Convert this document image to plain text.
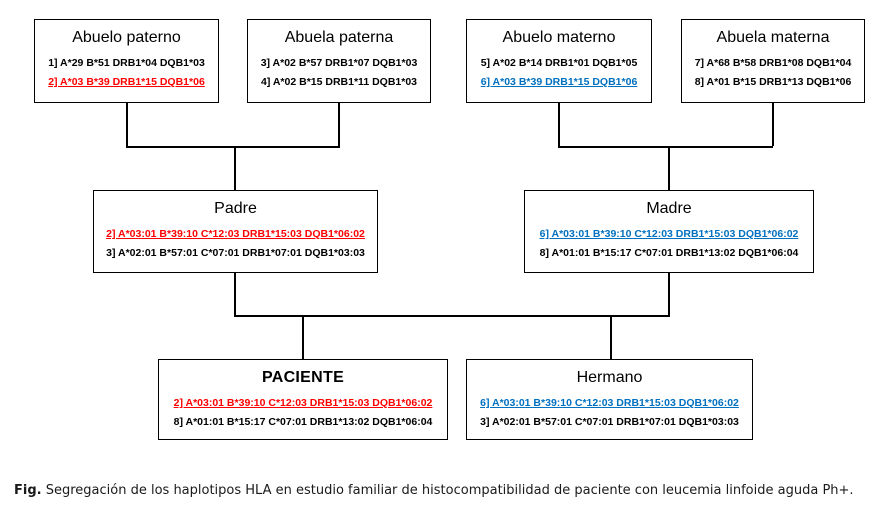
Abuelo paterno
1] A*29 B*51 DRB1*04 DQB1*03
2] A*03 B*39 DRB1*15 DQB1*06
Abuela paterna
3] A*02 B*57 DRB1*07 DQB1*03
4] A*02 B*15 DRB1*11 DQB1*03
Abuelo materno
5] A*02 B*14 DRB1*01 DQB1*05
6] A*03 B*39 DRB1*15 DQB1*06
Abuela materna
7] A*68 B*58 DRB1*08 DQB1*04
8] A*01 B*15 DRB1*13 DQB1*06
Padre
2] A*03:01 B*39:10 C*12:03 DRB1*15:03 DQB1*06:02
3] A*02:01 B*57:01 C*07:01 DRB1*07:01 DQB1*03:03
Madre
6] A*03:01 B*39:10 C*12:03 DRB1*15:03 DQB1*06:02
8] A*01:01 B*15:17 C*07:01 DRB1*13:02 DQB1*06:04
PACIENTE
2] A*03:01 B*39:10 C*12:03 DRB1*15:03 DQB1*06:02
8] A*01:01 B*15:17 C*07:01 DRB1*13:02 DQB1*06:04
Hermano
6] A*03:01 B*39:10 C*12:03 DRB1*15:03 DQB1*06:02
3] A*02:01 B*57:01 C*07:01 DRB1*07:01 DQB1*03:03
Fig. Segregación de los haplotipos HLA en estudio familiar de histocompatibilidad de paciente con leucemia linfoide aguda Ph+.
